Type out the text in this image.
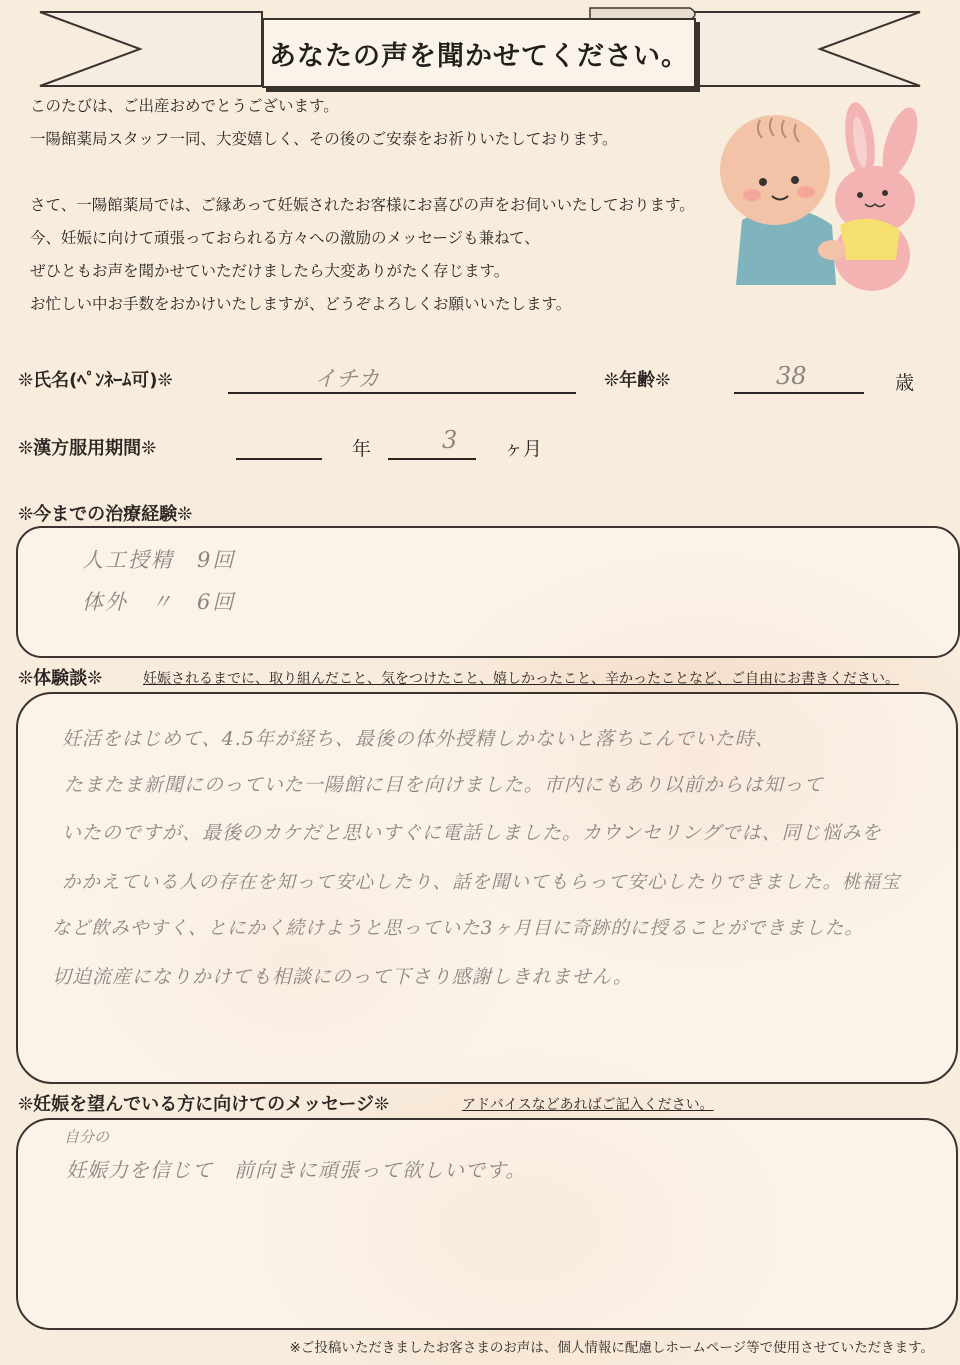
あなたの声を聞かせてください。
このたびは、ご出産おめでとうございます。
一陽館薬局スタッフ一同、大変嬉しく、その後のご安泰をお祈りいたしております。
さて、一陽館薬局では、ご縁あって妊娠されたお客様にお喜びの声をお伺いいたしております。
今、妊娠に向けて頑張っておられる方々への激励のメッセージも兼ねて、
ぜひともお声を聞かせていただけましたら大変ありがたく存じます。
お忙しい中お手数をおかけいたしますが、どうぞよろしくお願いいたします。
❊氏名(ﾍﾟﾝﾈｰﾑ可)❊	イチカ	❊年齢❊	38	歳
❊漢方服用期間❊	年	3 ヶ月
❊今までの治療経験❊
人工授精　9回
体外　〃　6回
❊体験談❊	妊娠されるまでに、取り組んだこと、気をつけたこと、嬉しかったこと、辛かったことなど、ご自由にお書きください。
妊活をはじめて、4.5年が経ち、最後の体外授精しかないと落ちこんでいた時、
たまたま新聞にのっていた一陽館に目を向けました。市内にもあり以前からは知って
いたのですが、最後のカケだと思いすぐに電話しました。カウンセリングでは、同じ悩みを
かかえている人の存在を知って安心したり、話を聞いてもらって安心したりできました。桃福宝
など飲みやすく、とにかく続けようと思っていた3ヶ月目に奇跡的に授ることができました。
切迫流産になりかけても相談にのって下さり感謝しきれません。
❊妊娠を望んでいる方に向けてのメッセージ❊	アドバイスなどあればご記入ください。
自分の
妊娠力を信じて　前向きに頑張って欲しいです。
※ご投稿いただきましたお客さまのお声は、個人情報に配慮しホームページ等で使用させていただきます。
